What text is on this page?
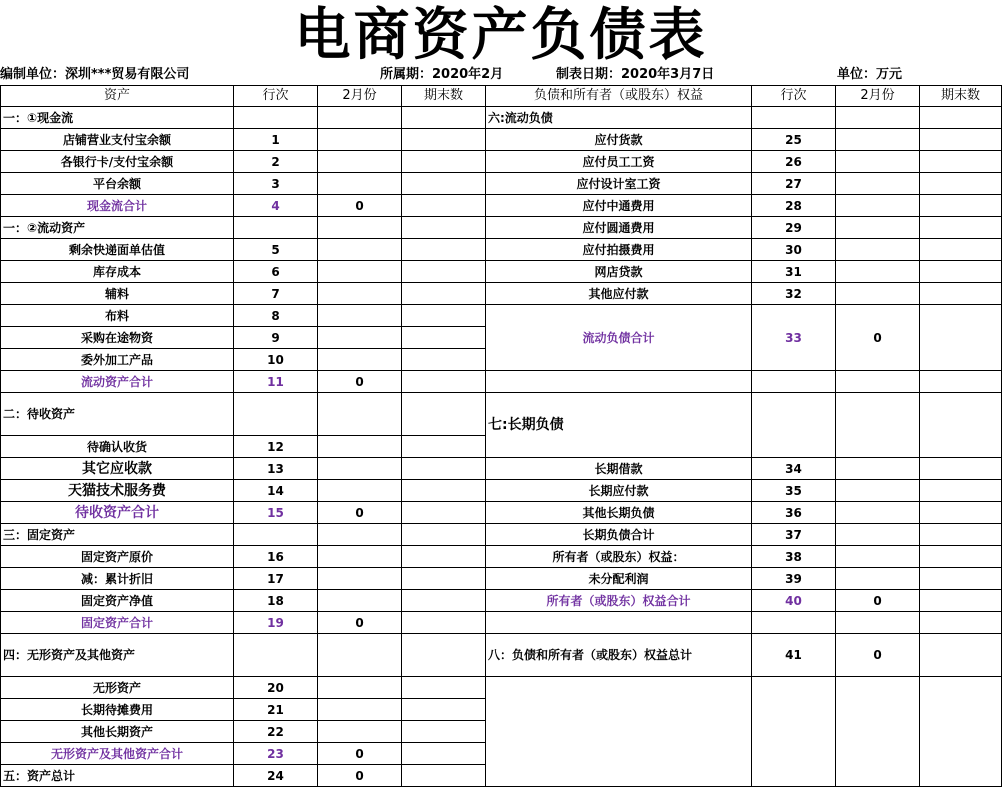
电商资产负债表
编制单位：深圳***贸易有限公司	所属期：2020年2月	制表日期：2020年3月7日	单位：万元
资产	行次	2月份	期末数	负债和所有者（或股东）权益	行次	2月份	期末数
一：①现金流				六:流动负债			
店铺营业支付宝余额	1			应付货款	25		
各银行卡/支付宝余额	2			应付员工工资	26		
平台余额	3			应付设计室工资	27		
现金流合计	4	0		应付中通费用	28		
一：②流动资产				应付圆通费用	29		
剩余快递面单估值	5			应付拍摄费用	30		
库存成本	6			网店贷款	31		
辅料	7			其他应付款	32		
布料	8			流动负债合计	33	0	
采购在途物资	9						
委外加工产品	10						
流动资产合计	11	0					
二：待收资产				七:长期负债			
待确认收货	12						
其它应收款	13			长期借款	34		
天猫技术服务费	14			长期应付款	35		
待收资产合计	15	0		其他长期负债	36		
三：固定资产				长期负债合计	37		
固定资产原价	16			所有者（或股东）权益：	38		
减：累计折旧	17			未分配利润	39		
固定资产净值	18			所有者（或股东）权益合计	40	0	
固定资产合计	19	0					
四：无形资产及其他资产				八：负债和所有者（或股东）权益总计	41	0	
无形资产	20						
长期待摊费用	21						
其他长期资产	22						
无形资产及其他资产合计	23	0					
五：资产总计	24	0					
